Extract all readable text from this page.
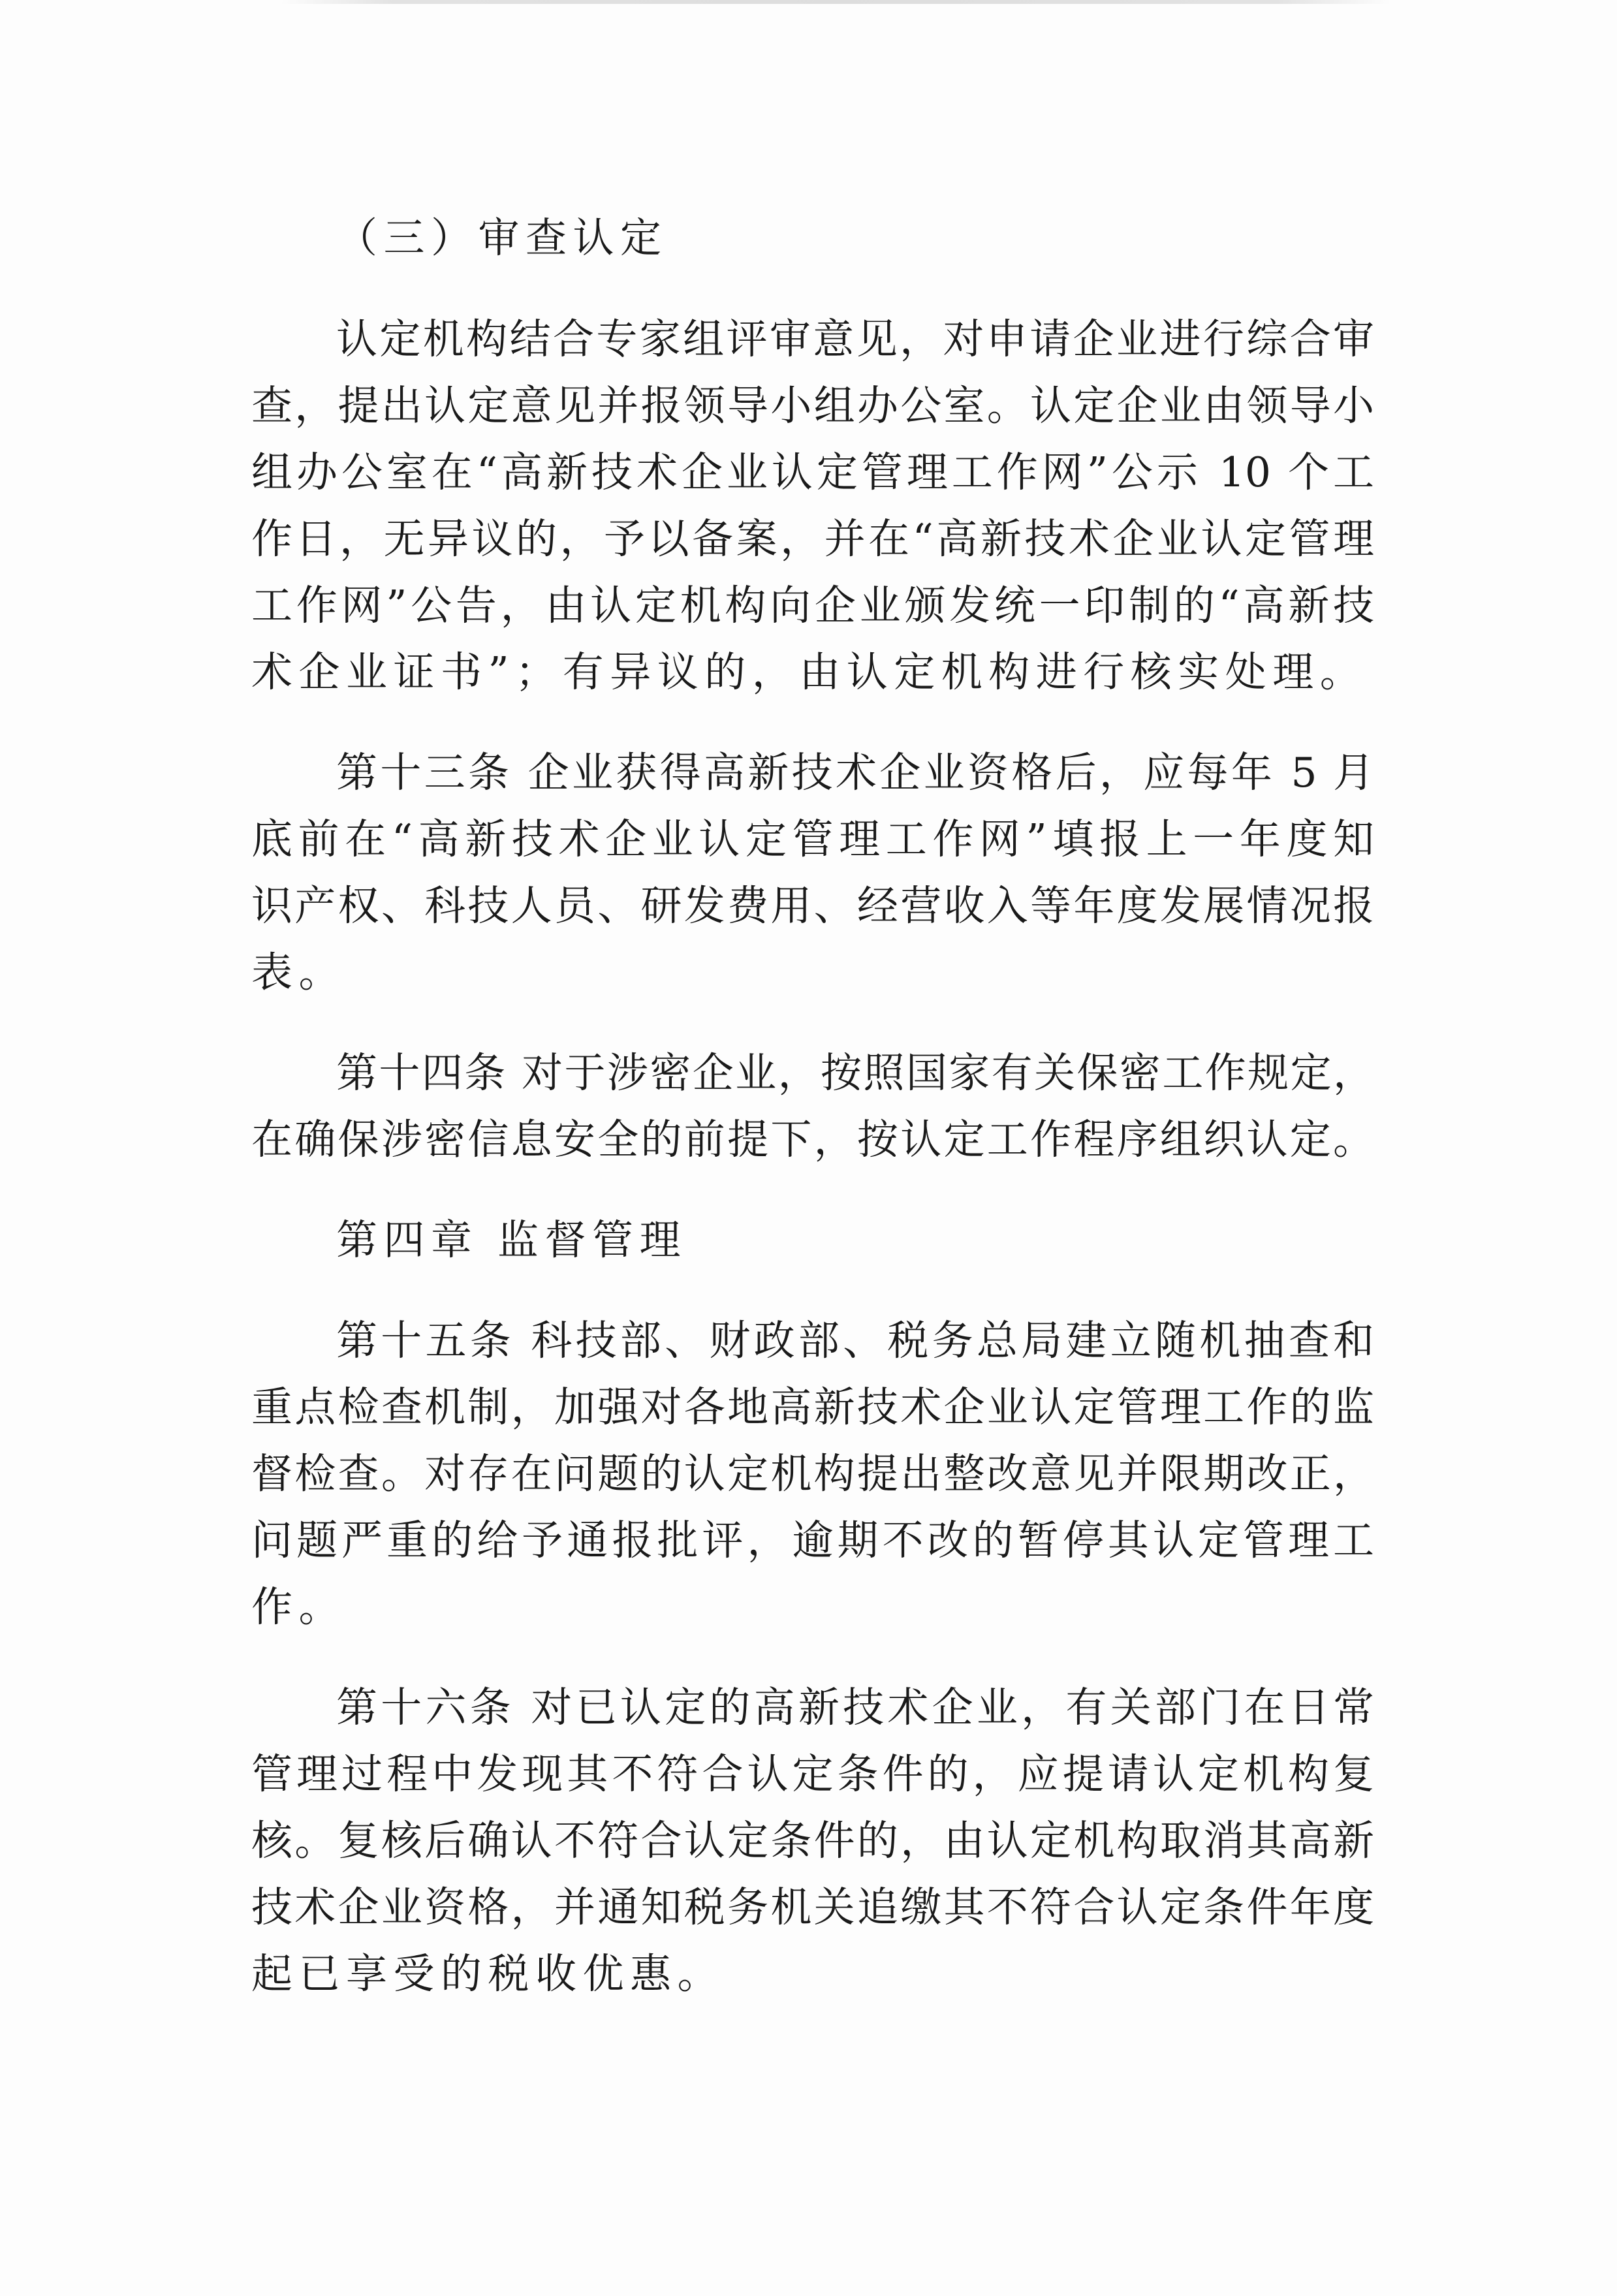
（三）审查认定
认定机构结合专家组评审意见，对申请企业进行综合审
查，提出认定意见并报领导小组办公室。认定企业由领导小
组办公室在“高新技术企业认定管理工作网”公示 10 个工
作日，无异议的，予以备案，并在“高新技术企业认定管理
工作网”公告，由认定机构向企业颁发统一印制的“高新技
术企业证书”；有异议的，由认定机构进行核实处理。
第十三条 企业获得高新技术企业资格后，应每年 5 月
底前在“高新技术企业认定管理工作网”填报上一年度知
识产权、科技人员、研发费用、经营收入等年度发展情况报
表。
第十四条 对于涉密企业，按照国家有关保密工作规定，
在确保涉密信息安全的前提下，按认定工作程序组织认定。
第四章 监督管理
第十五条 科技部、财政部、税务总局建立随机抽查和
重点检查机制，加强对各地高新技术企业认定管理工作的监
督检查。对存在问题的认定机构提出整改意见并限期改正，
问题严重的给予通报批评，逾期不改的暂停其认定管理工
作。
第十六条 对已认定的高新技术企业，有关部门在日常
管理过程中发现其不符合认定条件的，应提请认定机构复
核。复核后确认不符合认定条件的，由认定机构取消其高新
技术企业资格，并通知税务机关追缴其不符合认定条件年度
起已享受的税收优惠。
